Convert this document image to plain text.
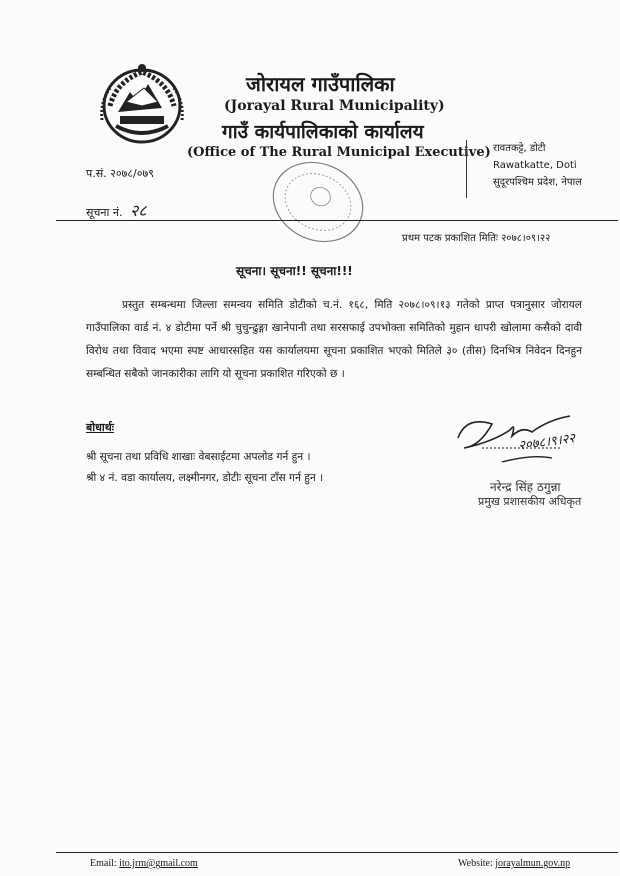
जोरायल गाउँपालिका
(Jorayal Rural Municipality)
गाउँ कार्यपालिकाको कार्यालय
(Office of The Rural Municipal Executive) रावतकट्टे, डोटी
Rawatkatte, Doti
सुदूरपश्चिम प्रदेश, नेपाल
प.सं. २०७८/०७९
सूचना नं. २८
प्रथम पटक प्रकाशित मितिः २०७८।०९।२२
सूचना। सूचना!! सूचना!!!
प्रस्तुत सम्बन्धमा जिल्ला समन्वय समिति डोटीको च.नं. १६८, मिति २०७८।०९।१३ गतेको प्राप्त पत्रानुसार जोरायल गाउँपालिका वार्ड नं. ४ डोटीमा पर्ने श्री चुचुन्ढुङ्गा खानेपानी तथा सरसफाई उपभोक्ता समितिको मुहान धापरी खोलामा कसैको दावी विरोध तथा विवाद भएमा स्पष्ट आधारसहित यस कार्यालयमा सूचना प्रकाशित भएको मितिले ३० (तीस) दिनभित्र निवेदन दिनहुन सम्बन्धित सबैको जानकारीका लागि यो सूचना प्रकाशित गरिएको छ ।
बोधार्थः
श्री सूचना तथा प्रविधि शाखाः वेबसाईटमा अपलोड गर्न हुन ।
श्री ४ नं. वडा कार्यालय, लक्ष्मीनगर, डोटीः सूचना टाँस गर्न हुन ।
२०७८।९।२२
नरेन्द्र सिंह ठगुन्ना
प्रमुख प्रशासकीय अधिकृत
Email: ito.jrm@gmail.com	Website: jorayalmun.gov.np
